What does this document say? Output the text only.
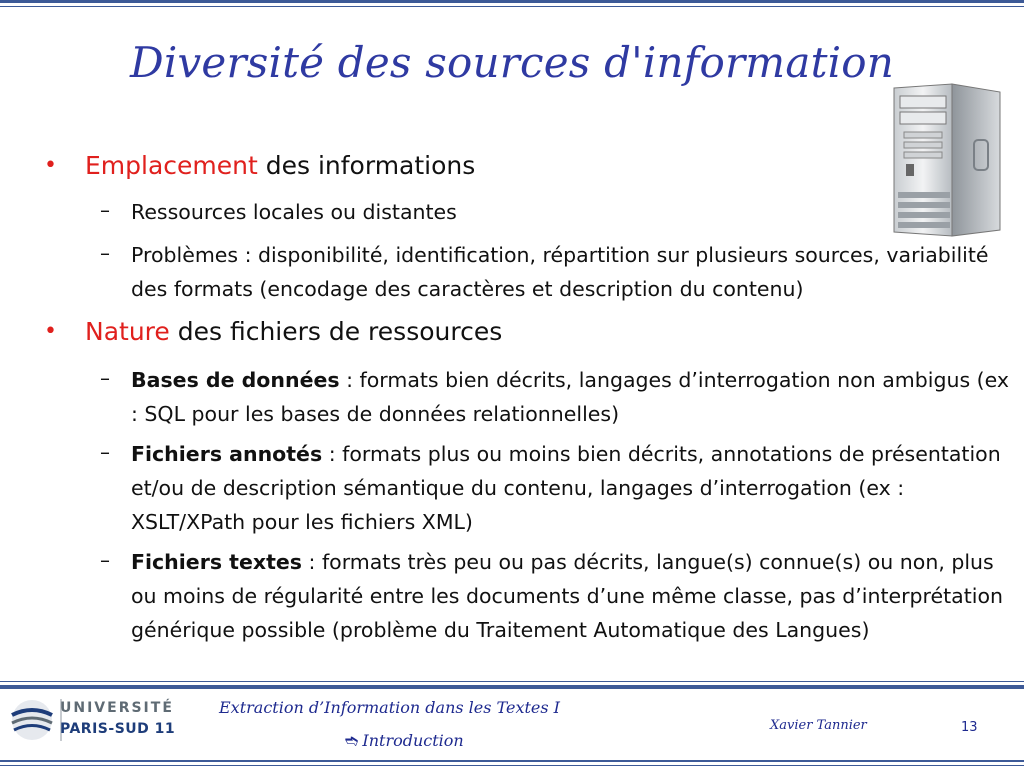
Diversité des sources d'information
• Emplacement des informations
– Ressources locales ou distantes
– Problèmes : disponibilité, identification, répartition sur plusieurs sources, variabilité des formats (encodage des caractères et description du contenu)
• Nature des fichiers de ressources
– Bases de données : formats bien décrits, langages d’interrogation non ambigus (ex : SQL pour les bases de données relationnelles)
– Fichiers annotés : formats plus ou moins bien décrits, annotations de présentation et/ou de description sémantique du contenu, langages d’interrogation (ex : XSLT/XPath pour les fichiers XML)
– Fichiers textes : formats très peu ou pas décrits, langue(s) connue(s) ou non, plus ou moins de régularité entre les documents d’une même classe, pas d’interprétation générique possible (problème du Traitement Automatique des Langues)
UNIVERSITÉ
PARIS-SUD 11
Extraction d’Information dans les Textes I
➬ Introduction
Xavier Tannier	13
